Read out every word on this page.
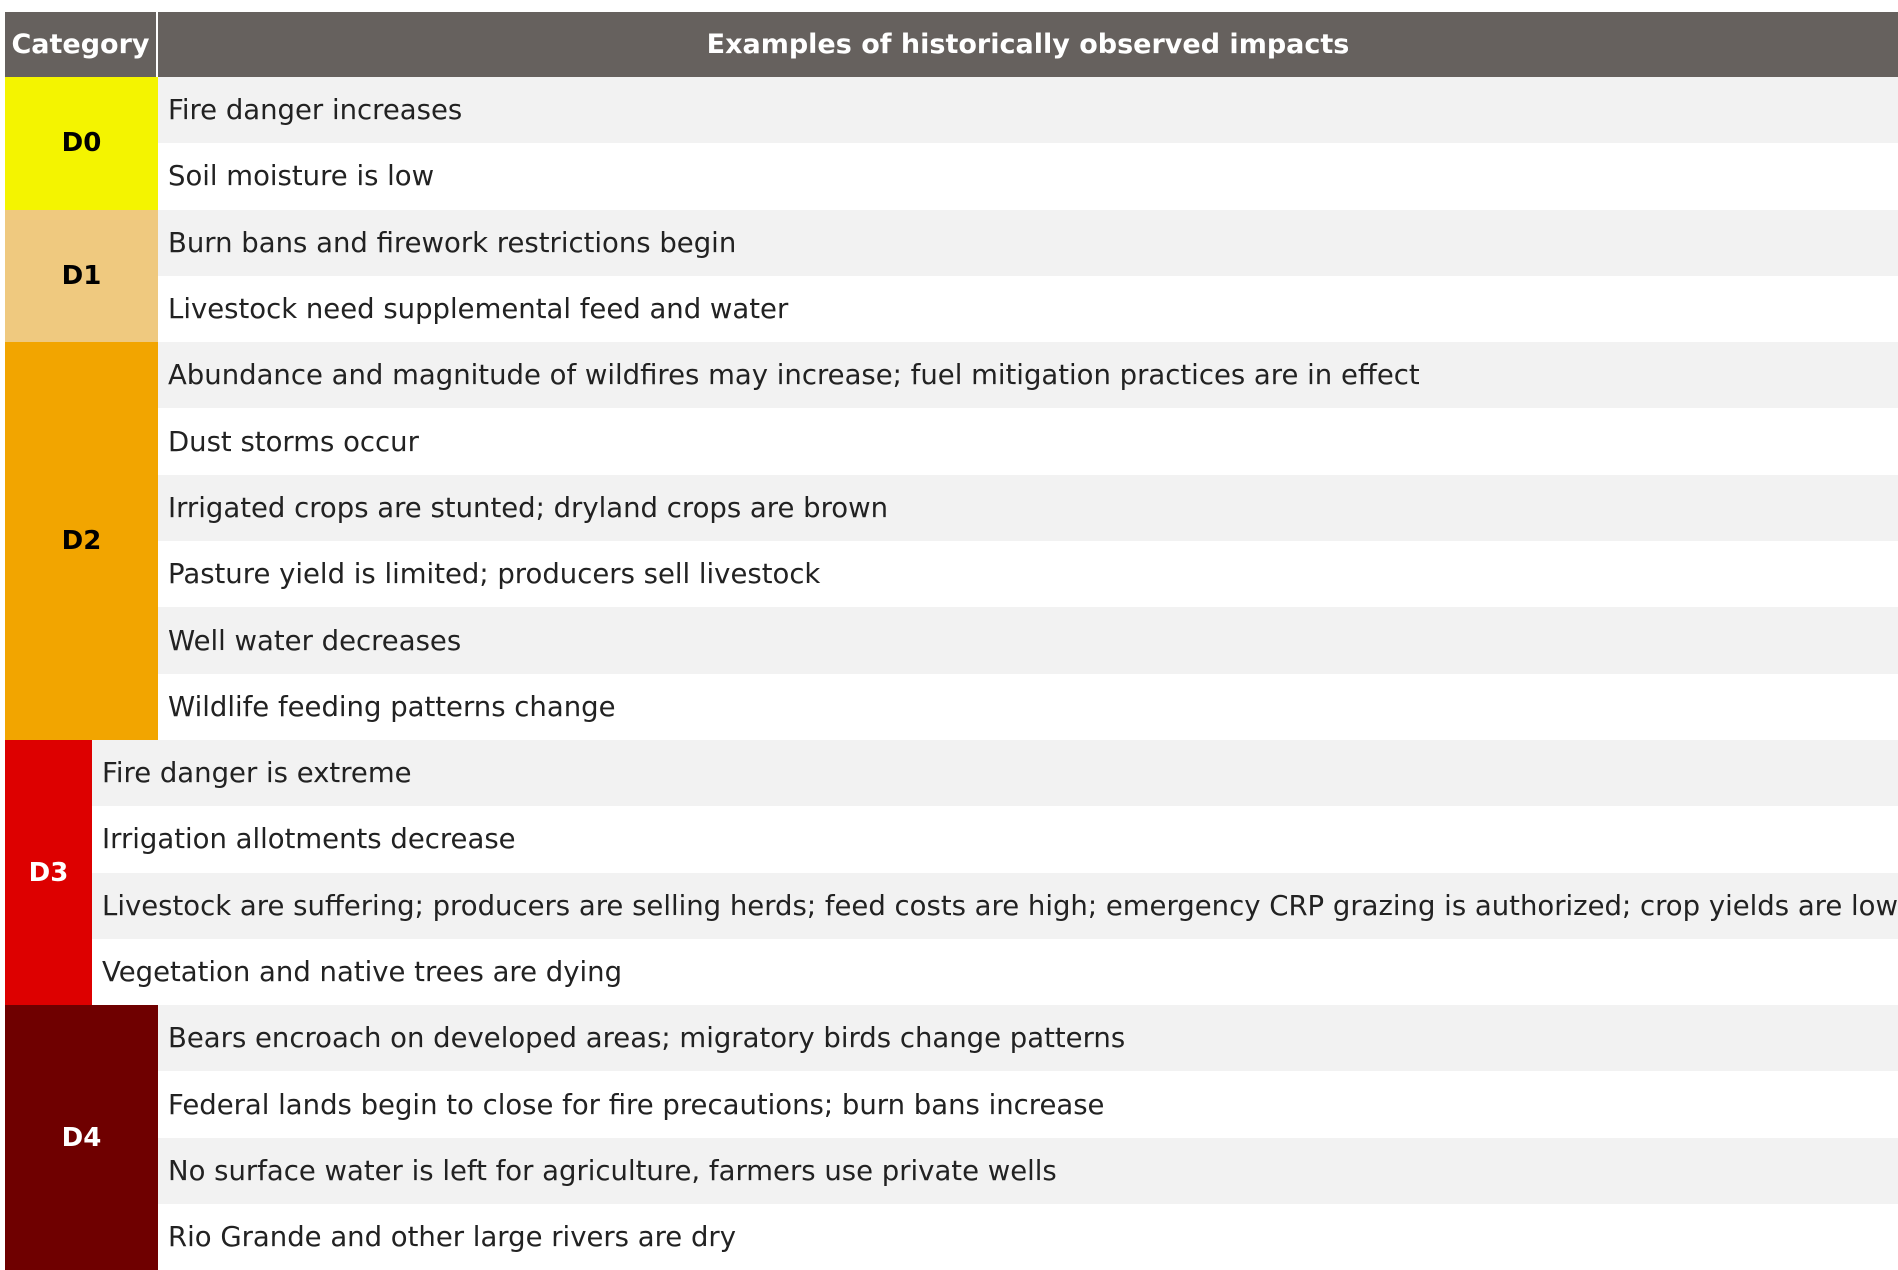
Category	Examples of historically observed impacts
D0
Fire danger increases
Soil moisture is low
D1
Burn bans and firework restrictions begin
Livestock need supplemental feed and water
D2
Abundance and magnitude of wildfires may increase; fuel mitigation practices are in effect
Dust storms occur
Irrigated crops are stunted; dryland crops are brown
Pasture yield is limited; producers sell livestock
Well water decreases
Wildlife feeding patterns change
D3
Fire danger is extreme
Irrigation allotments decrease
Livestock are suffering; producers are selling herds; feed costs are high; emergency CRP grazing is authorized; crop yields are low
Vegetation and native trees are dying
D4
Bears encroach on developed areas; migratory birds change patterns
Federal lands begin to close for fire precautions; burn bans increase
No surface water is left for agriculture, farmers use private wells
Rio Grande and other large rivers are dry
